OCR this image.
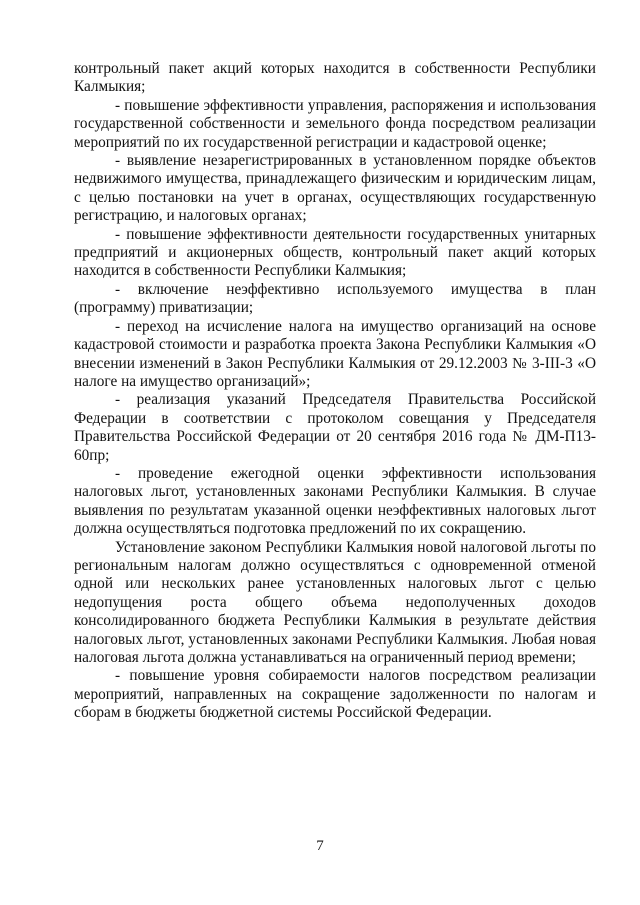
контрольный пакет акций которых находится в собственности Республики Калмыкия;

- повышение эффективности управления, распоряжения и использования государственной собственности и земельного фонда посредством реализации мероприятий по их государственной регистрации и кадастровой оценке;

- выявление незарегистрированных в установленном порядке объектов недвижимого имущества, принадлежащего физическим и юридическим лицам, с целью постановки на учет в органах, осуществляющих государственную регистрацию, и налоговых органах;

- повышение эффективности деятельности государственных унитарных предприятий и акционерных обществ, контрольный пакет акций которых находится в собственности Республики Калмыкия;

- включение неэффективно используемого имущества в план (программу) приватизации;

- переход на исчисление налога на имущество организаций на основе кадастровой стоимости и разработка проекта Закона Республики Калмыкия «О внесении изменений в Закон Республики Калмыкия от 29.12.2003 № 3-III-3 «О налоге на имущество организаций»;

- реализация указаний Председателя Правительства Российской Федерации в соответствии с протоколом совещания у Председателя Правительства Российской Федерации от 20 сентября 2016 года № ДМ-П13-60пр;

- проведение ежегодной оценки эффективности использования налоговых льгот, установленных законами Республики Калмыкия. В случае выявления по результатам указанной оценки неэффективных налоговых льгот должна осуществляться подготовка предложений по их сокращению.

Установление законом Республики Калмыкия новой налоговой льготы по региональным налогам должно осуществляться с одновременной отменой одной или нескольких ранее установленных налоговых льгот с целью недопущения роста общего объема недополученных доходов консолидированного бюджета Республики Калмыкия в результате действия налоговых льгот, установленных законами Республики Калмыкия. Любая новая налоговая льгота должна устанавливаться на ограниченный период времени;

- повышение уровня собираемости налогов посредством реализации мероприятий, направленных на сокращение задолженности по налогам и сборам в бюджеты бюджетной системы Российской Федерации.

7
